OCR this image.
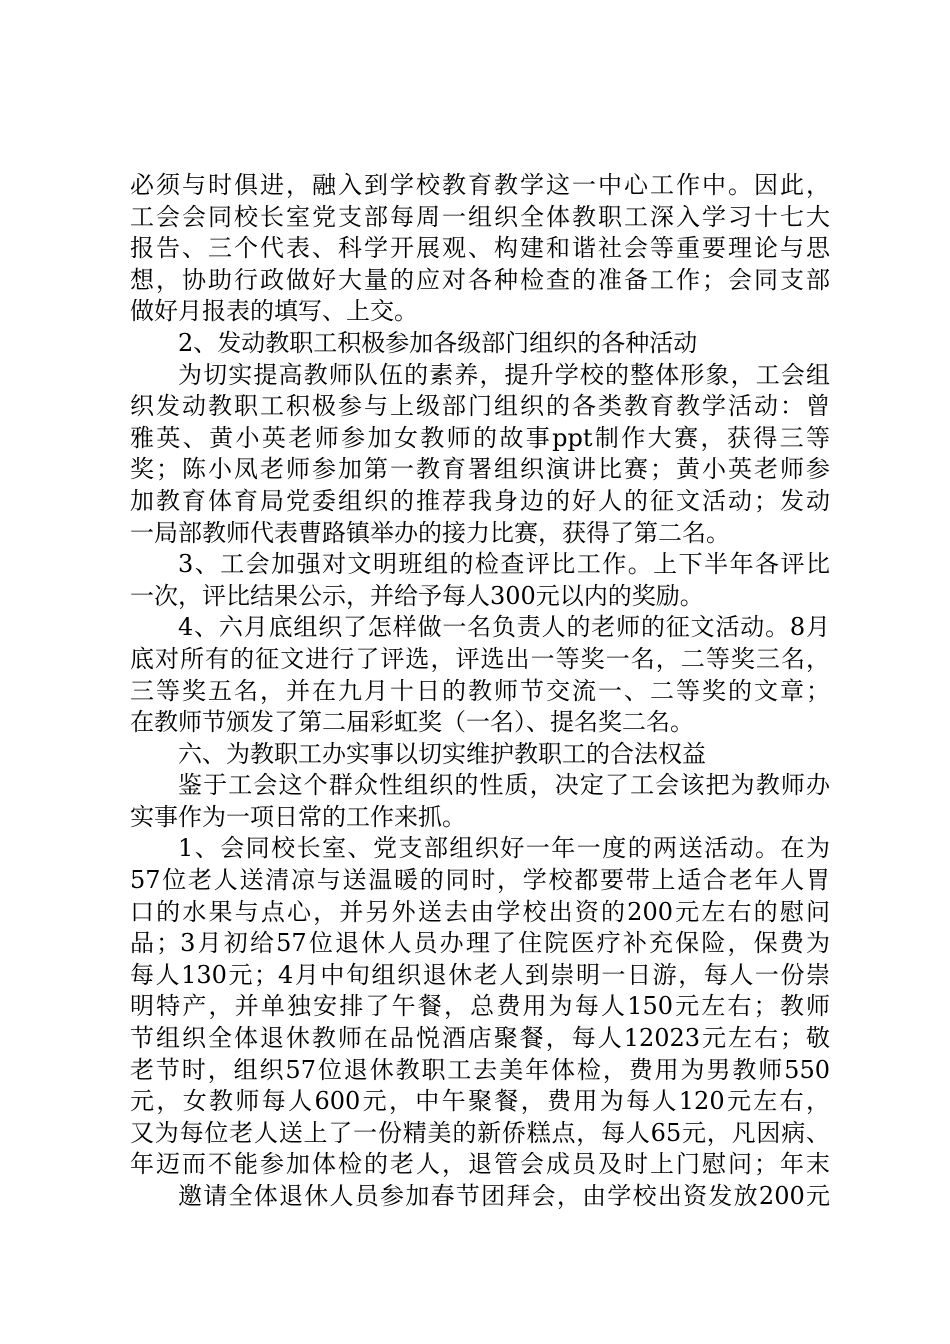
必须与时俱进，融入到学校教育教学这一中心工作中。因此，
工会会同校长室党支部每周一组织全体教职工深入学习十七大
报告、三个代表、科学开展观、构建和谐社会等重要理论与思
想，协助行政做好大量的应对各种检查的准备工作；会同支部
做好月报表的填写、上交。
2、发动教职工积极参加各级部门组织的各种活动
为切实提高教师队伍的素养，提升学校的整体形象，工会组
织发动教职工积极参与上级部门组织的各类教育教学活动：曾
雅英、黄小英老师参加女教师的故事ppt制作大赛，获得三等
奖；陈小凤老师参加第一教育署组织演讲比赛；黄小英老师参
加教育体育局党委组织的推荐我身边的好人的征文活动；发动
一局部教师代表曹路镇举办的接力比赛，获得了第二名。
3、工会加强对文明班组的检查评比工作。上下半年各评比
一次，评比结果公示，并给予每人300元以内的奖励。
4、六月底组织了怎样做一名负责人的老师的征文活动。8月
底对所有的征文进行了评选，评选出一等奖一名，二等奖三名，
三等奖五名，并在九月十日的教师节交流一、二等奖的文章；
在教师节颁发了第二届彩虹奖（一名）、提名奖二名。
六、为教职工办实事以切实维护教职工的合法权益
鉴于工会这个群众性组织的性质，决定了工会该把为教师办
实事作为一项日常的工作来抓。
1、会同校长室、党支部组织好一年一度的两送活动。在为
57位老人送清凉与送温暖的同时，学校都要带上适合老年人胃
口的水果与点心，并另外送去由学校出资的200元左右的慰问
品；3月初给57位退休人员办理了住院医疗补充保险，保费为
每人130元；4月中旬组织退休老人到崇明一日游，每人一份崇
明特产，并单独安排了午餐，总费用为每人150元左右；教师
节组织全体退休教师在品悦酒店聚餐，每人12023元左右；敬
老节时，组织57位退休教职工去美年体检，费用为男教师550
元，女教师每人600元，中午聚餐，费用为每人120元左右，
又为每位老人送上了一份精美的新侨糕点，每人65元，凡因病、
年迈而不能参加体检的老人，退管会成员及时上门慰问；年末
邀请全体退休人员参加春节团拜会，由学校出资发放200元
